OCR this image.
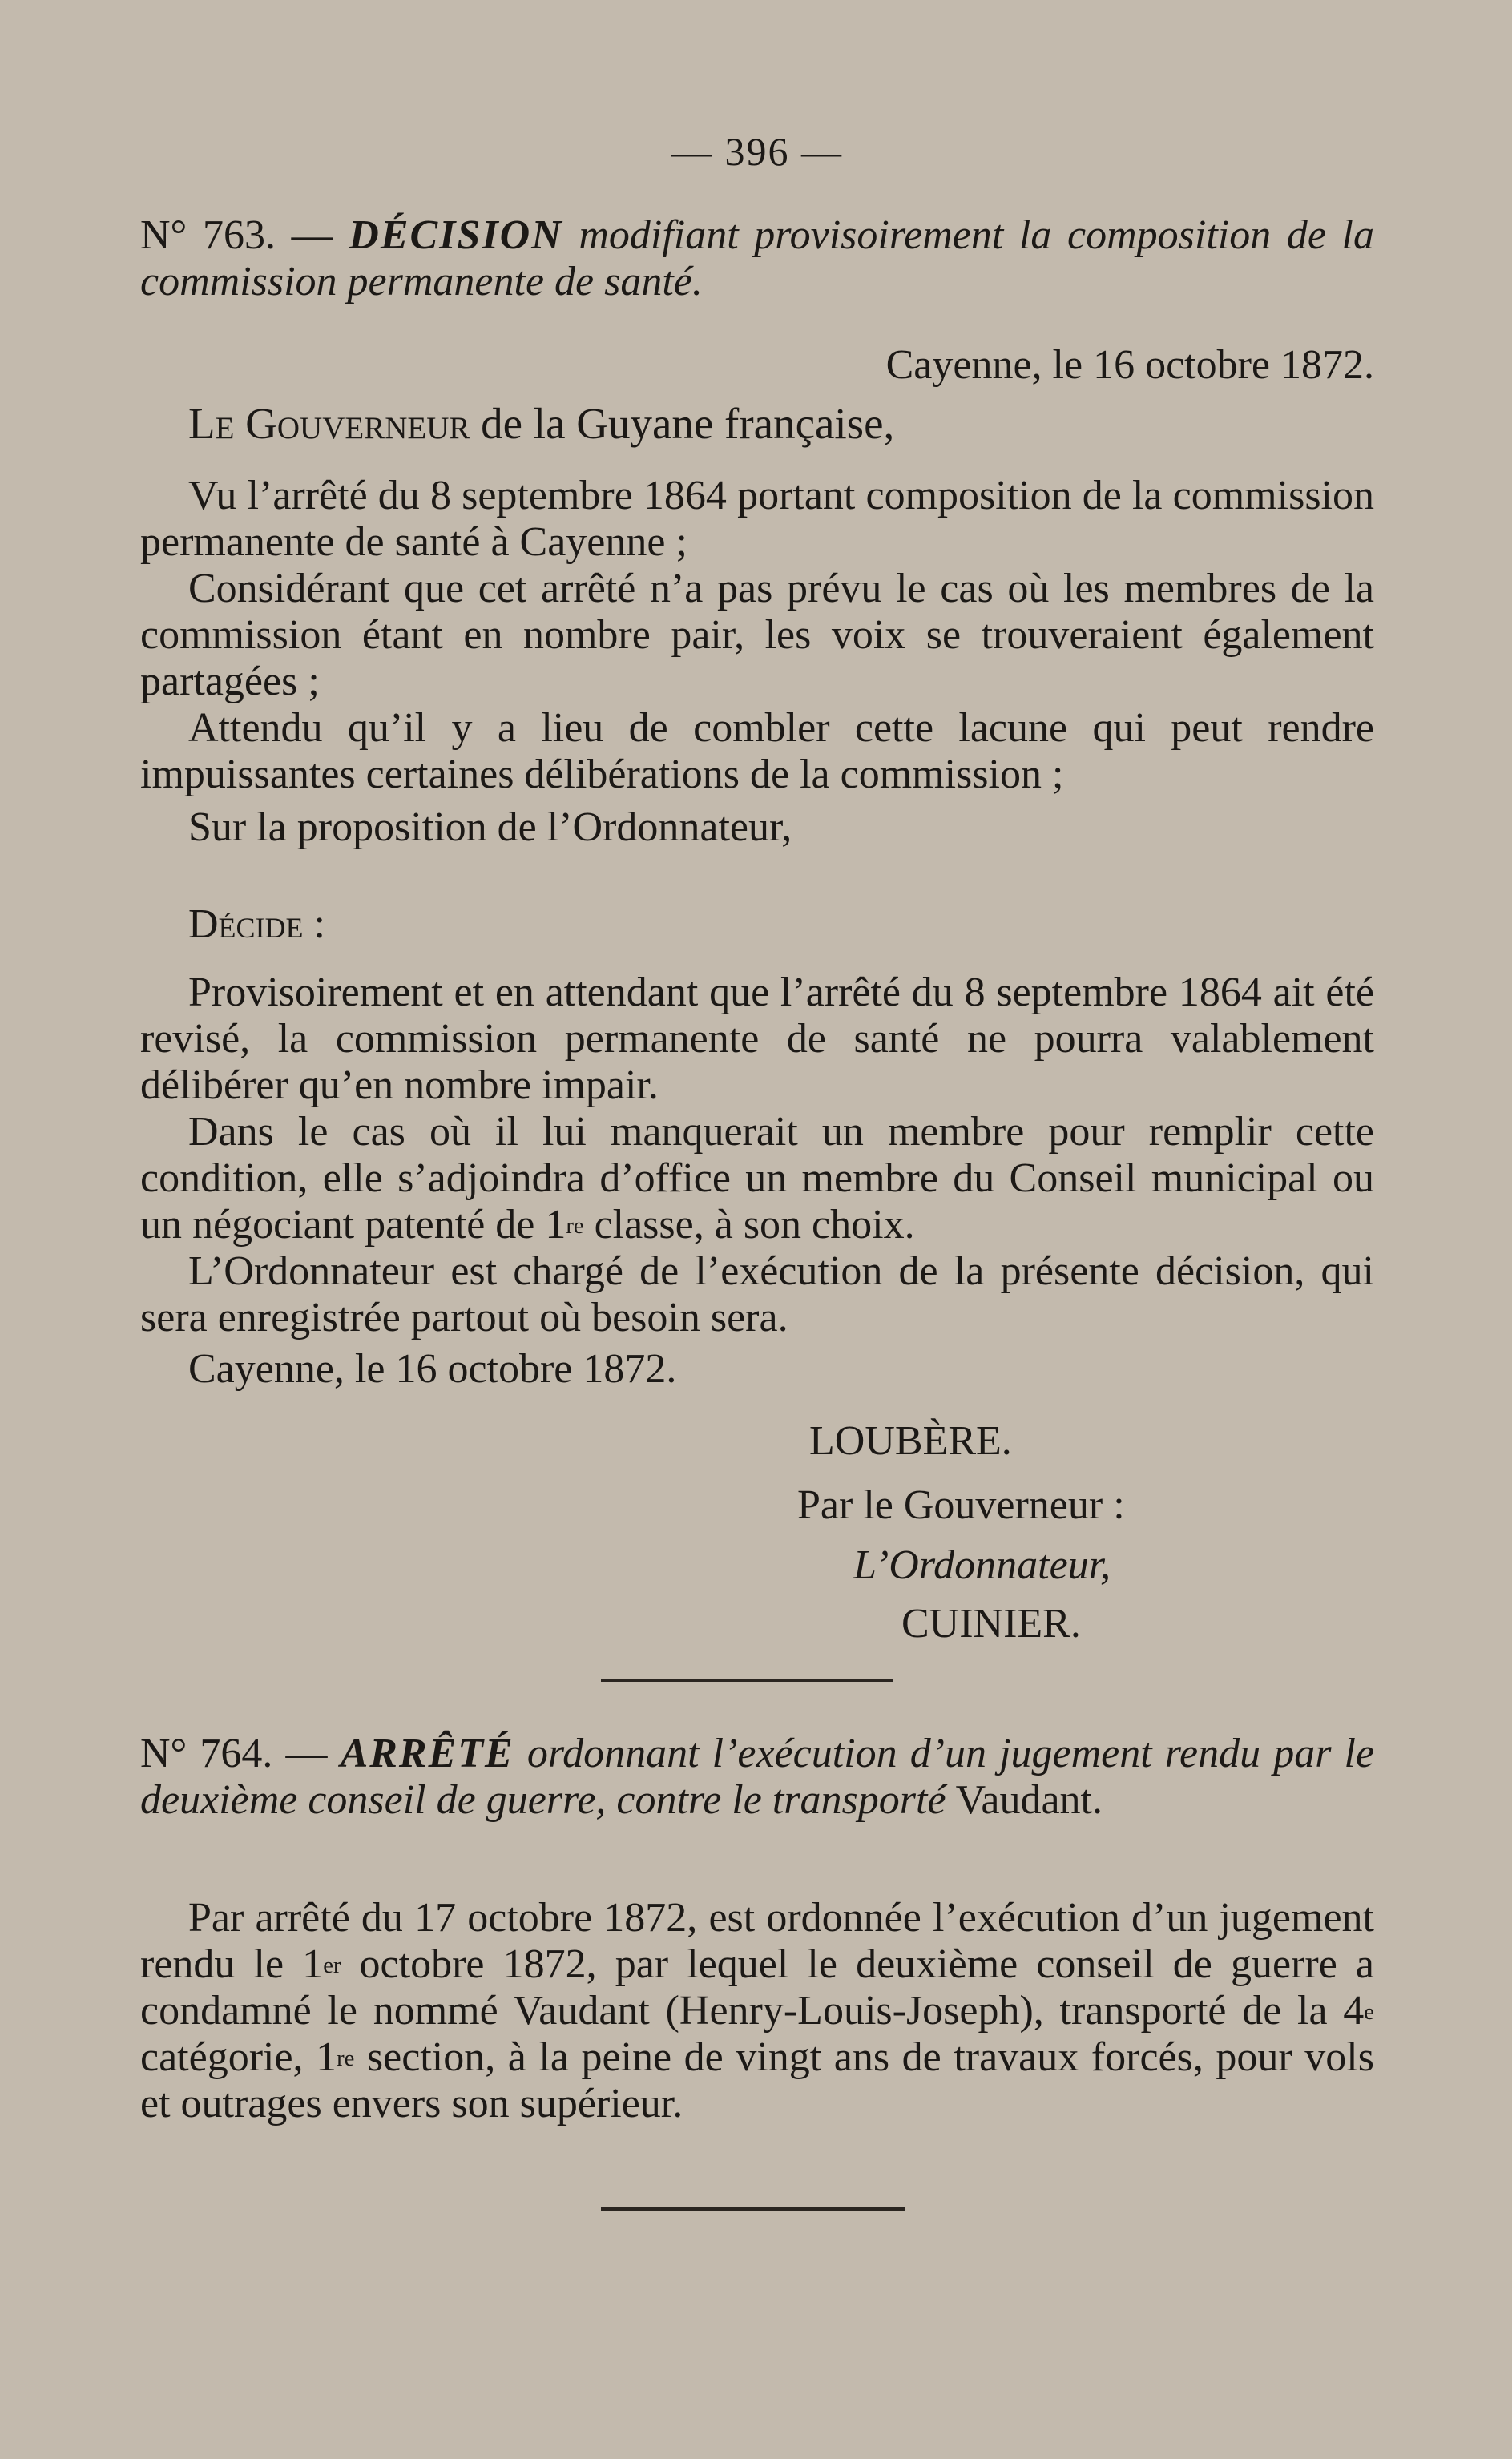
— 396 —
N° 763. — DÉCISION modifiant provisoirement la composition de la commission permanente de santé.
Cayenne, le 16 octobre 1872.

Le Gouverneur de la Guyane française,

Vu l’arrêté du 8 septembre 1864 portant composition de la commission permanente de santé à Cayenne ;

Considérant que cet arrêté n’a pas prévu le cas où les membres de la commission étant en nombre pair, les voix se trouveraient également partagées ;

Attendu qu’il y a lieu de combler cette lacune qui peut rendre impuissantes certaines délibérations de la commission ;

Sur la proposition de l’Ordonnateur,

Décide :

Provisoirement et en attendant que l’arrêté du 8 septembre 1864 ait été revisé, la commission permanente de santé ne pourra valablement délibérer qu’en nombre impair.

Dans le cas où il lui manquerait un membre pour remplir cette condition, elle s’adjoindra d’office un membre du Conseil municipal ou un négociant patenté de 1re classe, à son choix.

L’Ordonnateur est chargé de l’exécution de la présente décision, qui sera enregistrée partout où besoin sera.

Cayenne, le 16 octobre 1872.

LOUBÈRE.
Par le Gouverneur :
L’Ordonnateur,
CUINIER.
N° 764. — ARRÊTÉ ordonnant l’exécution d’un jugement rendu par le deuxième conseil de guerre, contre le transporté Vaudant.

Par arrêté du 17 octobre 1872, est ordonnée l’exécution d’un jugement rendu le 1er octobre 1872, par lequel le deuxième conseil de guerre a condamné le nommé Vaudant (Henry-Louis-Joseph), transporté de la 4e catégorie, 1re section, à la peine de vingt ans de travaux forcés, pour vols et outrages envers son supérieur.
